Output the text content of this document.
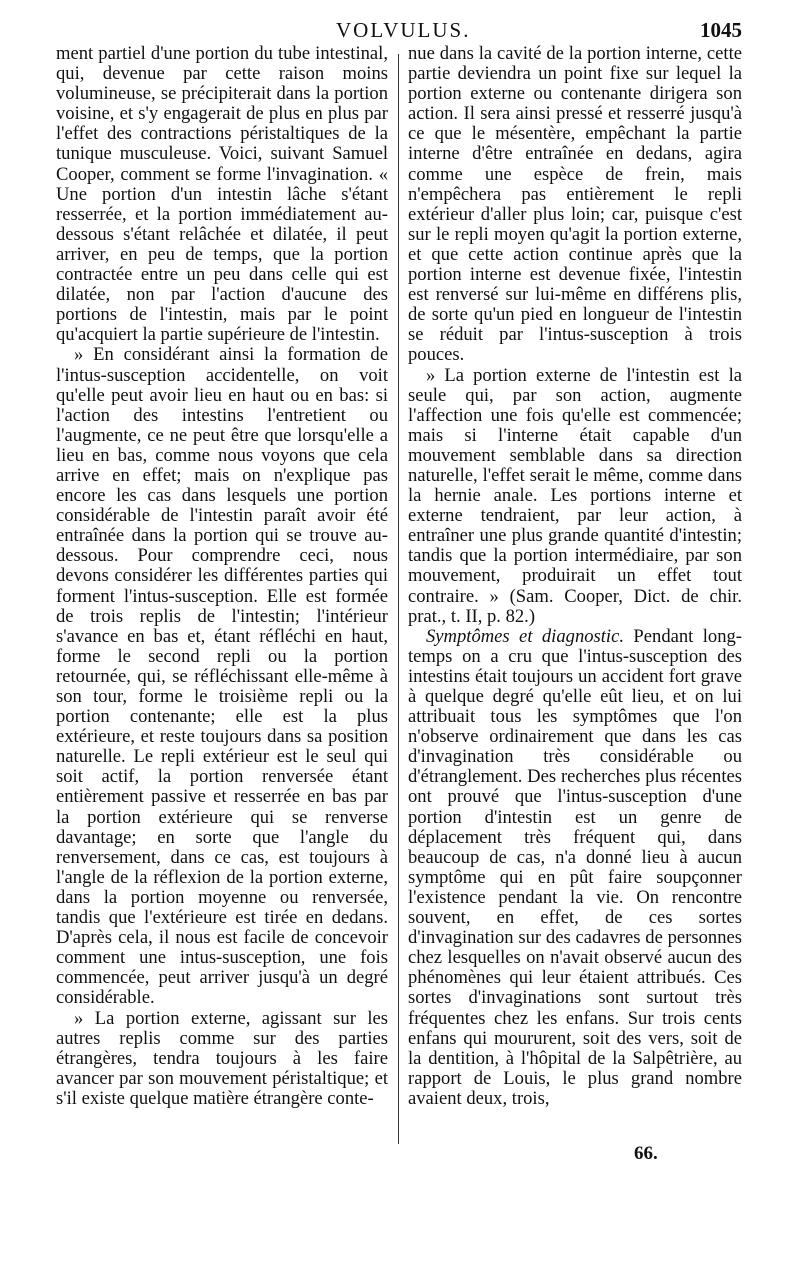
VOLVULUS.	1045

ment partiel d'une portion du tube intestinal, qui, devenue par cette raison moins volumineuse, se précipiterait dans la portion voisine, et s'y engagerait de plus en plus par l'effet des contractions péristaltiques de la tunique musculeuse. Voici, suivant Samuel Cooper, comment se forme l'invagination. « Une portion d'un intestin lâche s'étant resserrée, et la portion immédiatement au-dessous s'étant relâchée et dilatée, il peut arriver, en peu de temps, que la portion contractée entre un peu dans celle qui est dilatée, non par l'action d'aucune des portions de l'intestin, mais par le point qu'acquiert la partie supérieure de l'intestin.

» En considérant ainsi la formation de l'intus-susception accidentelle, on voit qu'elle peut avoir lieu en haut ou en bas: si l'action des intestins l'entretient ou l'augmente, ce ne peut être que lorsqu'elle a lieu en bas, comme nous voyons que cela arrive en effet; mais on n'explique pas encore les cas dans lesquels une portion considérable de l'intestin paraît avoir été entraînée dans la portion qui se trouve au-dessous. Pour comprendre ceci, nous devons considérer les différentes parties qui forment l'intus-susception. Elle est formée de trois replis de l'intestin; l'intérieur s'avance en bas et, étant réfléchi en haut, forme le second repli ou la portion retournée, qui, se réfléchissant elle-même à son tour, forme le troisième repli ou la portion contenante; elle est la plus extérieure, et reste toujours dans sa position naturelle. Le repli extérieur est le seul qui soit actif, la portion renversée étant entièrement passive et resserrée en bas par la portion extérieure qui se renverse davantage; en sorte que l'angle du renversement, dans ce cas, est toujours à l'angle de la réflexion de la portion externe, dans la portion moyenne ou renversée, tandis que l'extérieure est tirée en dedans. D'après cela, il nous est facile de concevoir comment une intus-susception, une fois commencée, peut arriver jusqu'à un degré considérable.

» La portion externe, agissant sur les autres replis comme sur des parties étrangères, tendra toujours à les faire avancer par son mouvement péristaltique; et s'il existe quelque matière étrangère conte-

nue dans la cavité de la portion interne, cette partie deviendra un point fixe sur lequel la portion externe ou contenante dirigera son action. Il sera ainsi pressé et resserré jusqu'à ce que le mésentère, empêchant la partie interne d'être entraînée en dedans, agira comme une espèce de frein, mais n'empêchera pas entièrement le repli extérieur d'aller plus loin; car, puisque c'est sur le repli moyen qu'agit la portion externe, et que cette action continue après que la portion interne est devenue fixée, l'intestin est renversé sur lui-même en différens plis, de sorte qu'un pied en longueur de l'intestin se réduit par l'intus-susception à trois pouces.

» La portion externe de l'intestin est la seule qui, par son action, augmente l'affection une fois qu'elle est commencée; mais si l'interne était capable d'un mouvement semblable dans sa direction naturelle, l'effet serait le même, comme dans la hernie anale. Les portions interne et externe tendraient, par leur action, à entraîner une plus grande quantité d'intestin; tandis que la portion intermédiaire, par son mouvement, produirait un effet tout contraire. » (Sam. Cooper, Dict. de chir. prat., t. II, p. 82.)

Symptômes et diagnostic. Pendant long-temps on a cru que l'intus-susception des intestins était toujours un accident fort grave à quelque degré qu'elle eût lieu, et on lui attribuait tous les symptômes que l'on n'observe ordinairement que dans les cas d'invagination très considérable ou d'étranglement. Des recherches plus récentes ont prouvé que l'intus-susception d'une portion d'intestin est un genre de déplacement très fréquent qui, dans beaucoup de cas, n'a donné lieu à aucun symptôme qui en pût faire soupçonner l'existence pendant la vie. On rencontre souvent, en effet, de ces sortes d'invagination sur des cadavres de personnes chez lesquelles on n'avait observé aucun des phénomènes qui leur étaient attribués. Ces sortes d'invaginations sont surtout très fréquentes chez les enfans. Sur trois cents enfans qui moururent, soit des vers, soit de la dentition, à l'hôpital de la Salpêtrière, au rapport de Louis, le plus grand nombre avaient deux, trois,

66.
